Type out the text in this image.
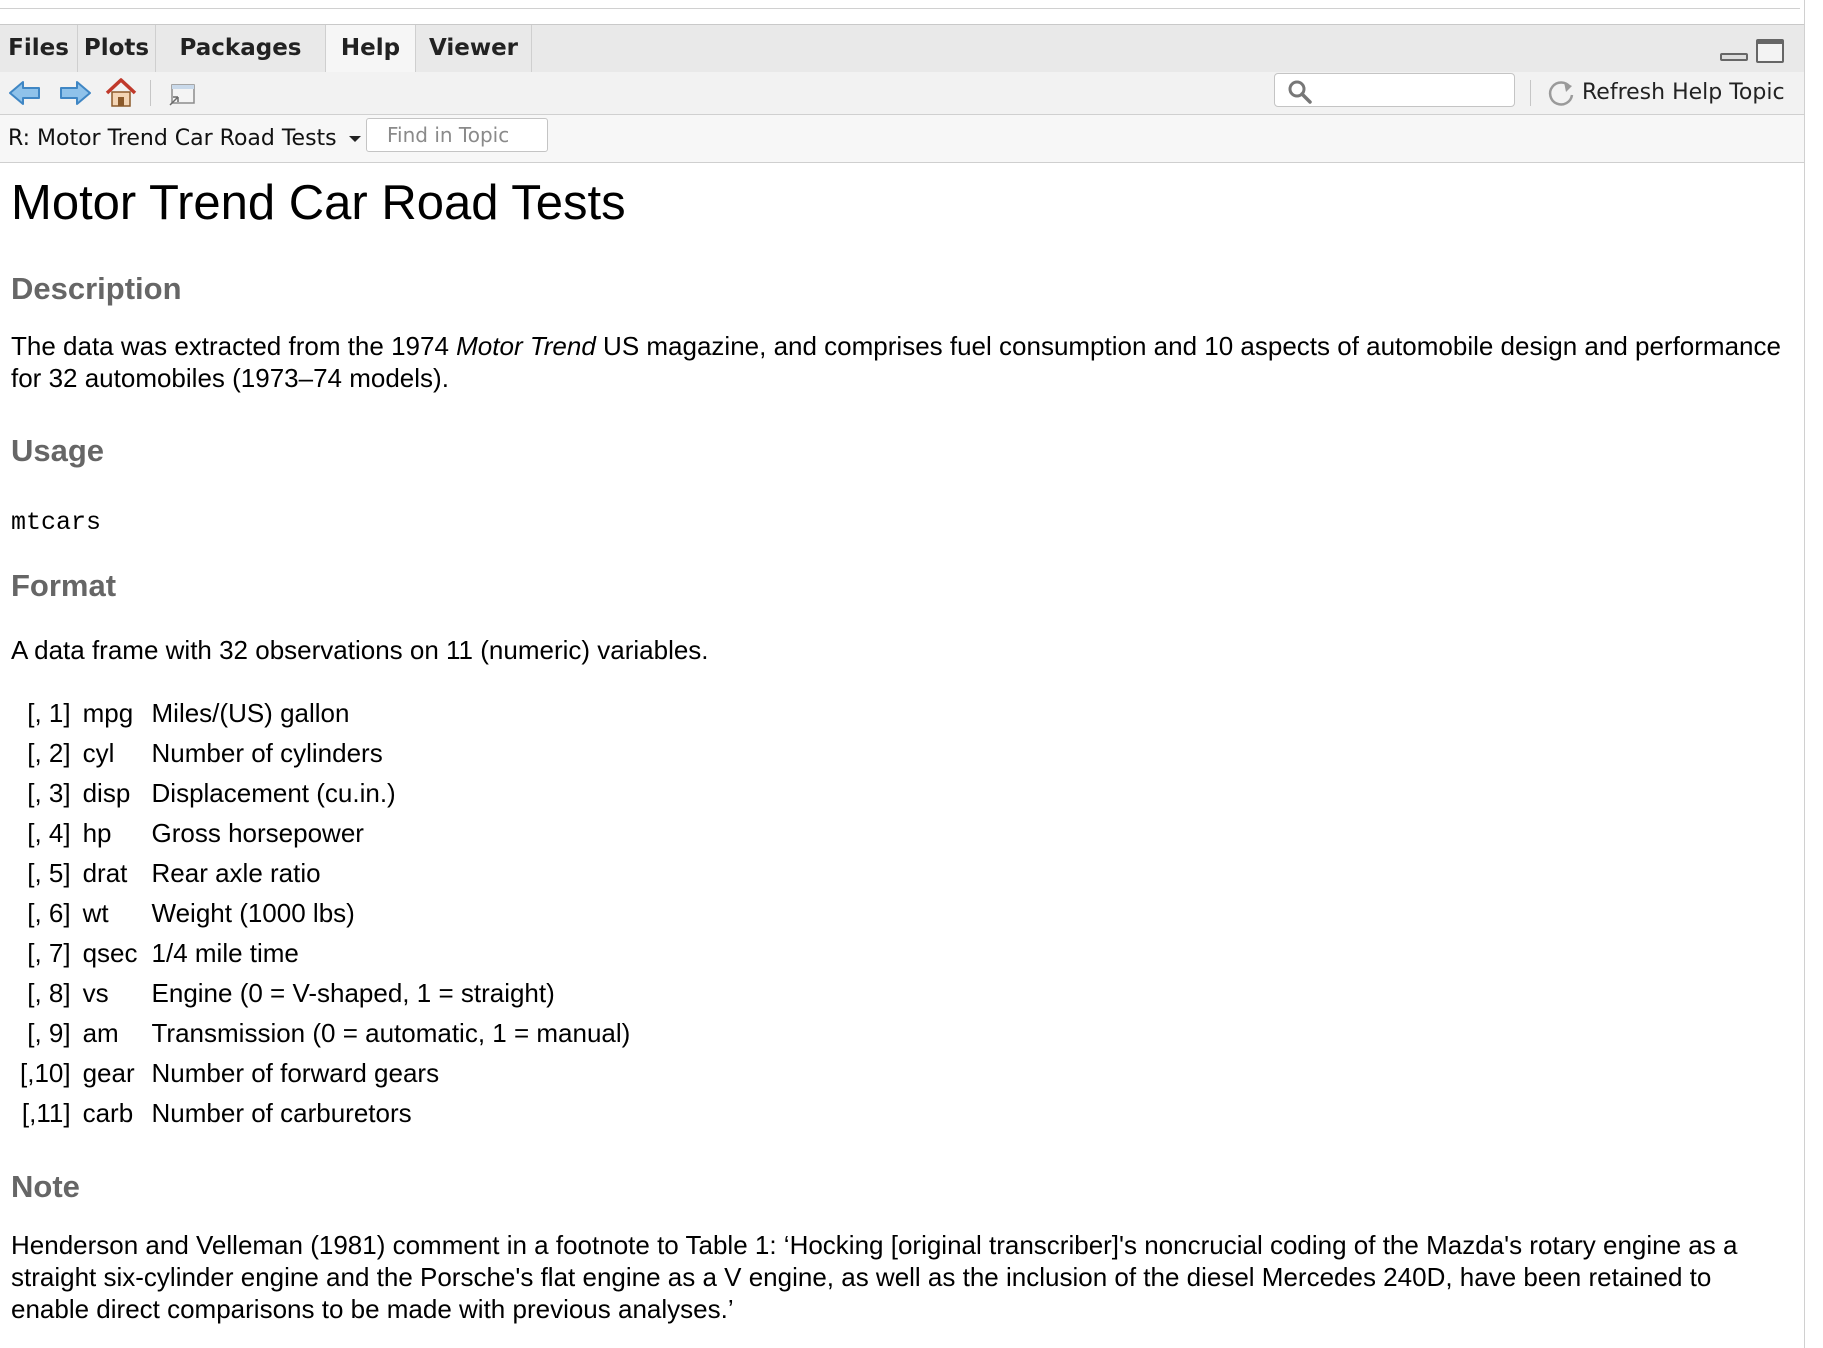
Files Plots	Packages	Help	Viewer
Refresh Help Topic
R: Motor Trend Car Road Tests
Find in Topic
Motor Trend Car Road Tests
Description

The data was extracted from the 1974 Motor Trend US magazine, and comprises fuel consumption and 10 aspects of automobile design and performance for 32 automobiles (1973–74 models).

Usage
mtcars
Format

A data frame with 32 observations on 11 (numeric) variables.

[, 1]	mpg	Miles/(US) gallon
[, 2]	cyl	Number of cylinders
[, 3]	disp	Displacement (cu.in.)
[, 4]	hp	Gross horsepower
[, 5]	drat	Rear axle ratio
[, 6]	wt	Weight (1000 lbs)
[, 7]	qsec	1/4 mile time
[, 8]	vs	Engine (0 = V-shaped, 1 = straight)
[, 9]	am	Transmission (0 = automatic, 1 = manual)
[,10]	gear	Number of forward gears
[,11]	carb	Number of carburetors
Note

Henderson and Velleman (1981) comment in a footnote to Table 1: ‘Hocking [original transcriber]'s noncrucial coding of the Mazda's rotary engine as a straight six-cylinder engine and the Porsche's flat engine as a V engine, as well as the inclusion of the diesel Mercedes 240D, have been retained to enable direct comparisons to be made with previous analyses.’
